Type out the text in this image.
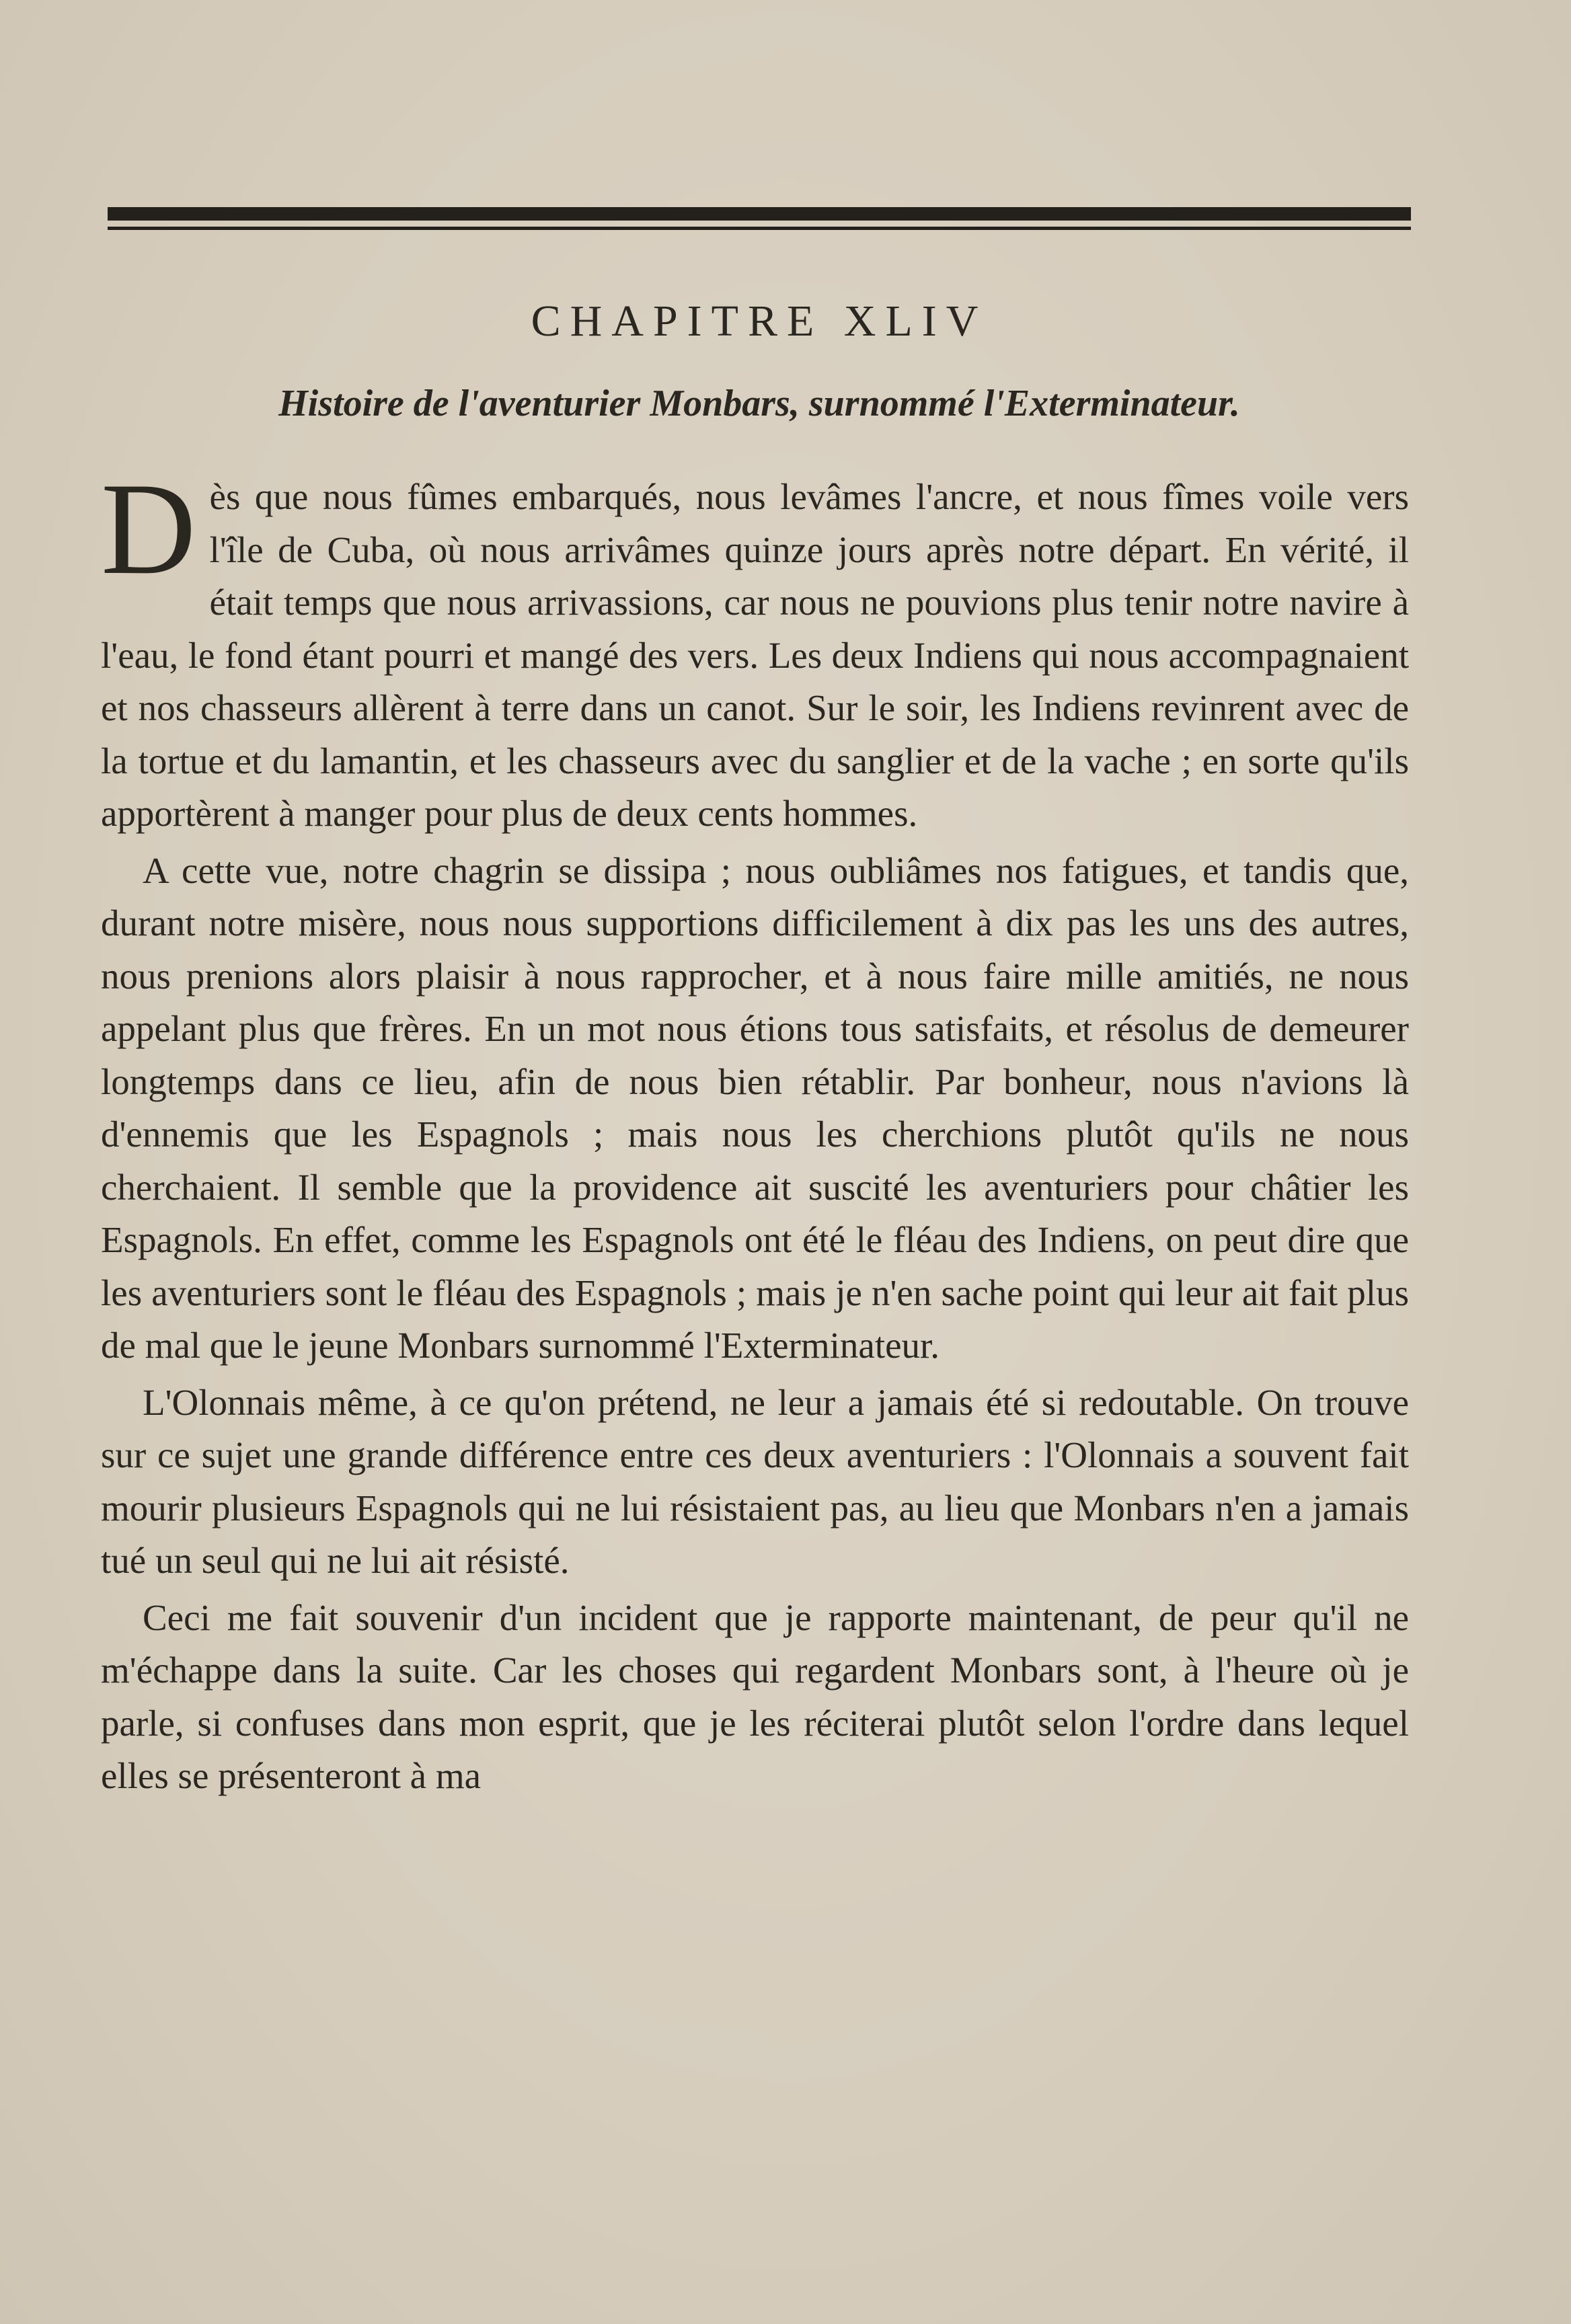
CHAPITRE XLIV
Histoire de l'aventurier Monbars, surnommé l'Exterminateur.

Dès que nous fûmes embarqués, nous levâmes l'ancre, et nous fîmes voile vers l'île de Cuba, où nous arrivâmes quinze jours après notre départ. En vérité, il était temps que nous arrivassions, car nous ne pouvions plus tenir notre navire à l'eau, le fond étant pourri et mangé des vers. Les deux Indiens qui nous accompagnaient et nos chasseurs allèrent à terre dans un canot. Sur le soir, les Indiens revinrent avec de la tortue et du lamantin, et les chasseurs avec du sanglier et de la vache ; en sorte qu'ils apportèrent à manger pour plus de deux cents hommes.

A cette vue, notre chagrin se dissipa ; nous oubliâmes nos fatigues, et tandis que, durant notre misère, nous nous supportions difficilement à dix pas les uns des autres, nous prenions alors plaisir à nous rapprocher, et à nous faire mille amitiés, ne nous appelant plus que frères. En un mot nous étions tous satisfaits, et résolus de demeurer longtemps dans ce lieu, afin de nous bien rétablir. Par bonheur, nous n'avions là d'ennemis que les Espagnols ; mais nous les cherchions plutôt qu'ils ne nous cherchaient. Il semble que la providence ait suscité les aventuriers pour châtier les Espagnols. En effet, comme les Espagnols ont été le fléau des Indiens, on peut dire que les aventuriers sont le fléau des Espagnols ; mais je n'en sache point qui leur ait fait plus de mal que le jeune Monbars surnommé l'Exterminateur.

L'Olonnais même, à ce qu'on prétend, ne leur a jamais été si redoutable. On trouve sur ce sujet une grande différence entre ces deux aventuriers : l'Olonnais a souvent fait mourir plusieurs Espagnols qui ne lui résistaient pas, au lieu que Monbars n'en a jamais tué un seul qui ne lui ait résisté.

Ceci me fait souvenir d'un incident que je rapporte maintenant, de peur qu'il ne m'échappe dans la suite. Car les choses qui regardent Monbars sont, à l'heure où je parle, si confuses dans mon esprit, que je les réciterai plutôt selon l'ordre dans lequel elles se présenteront à ma
